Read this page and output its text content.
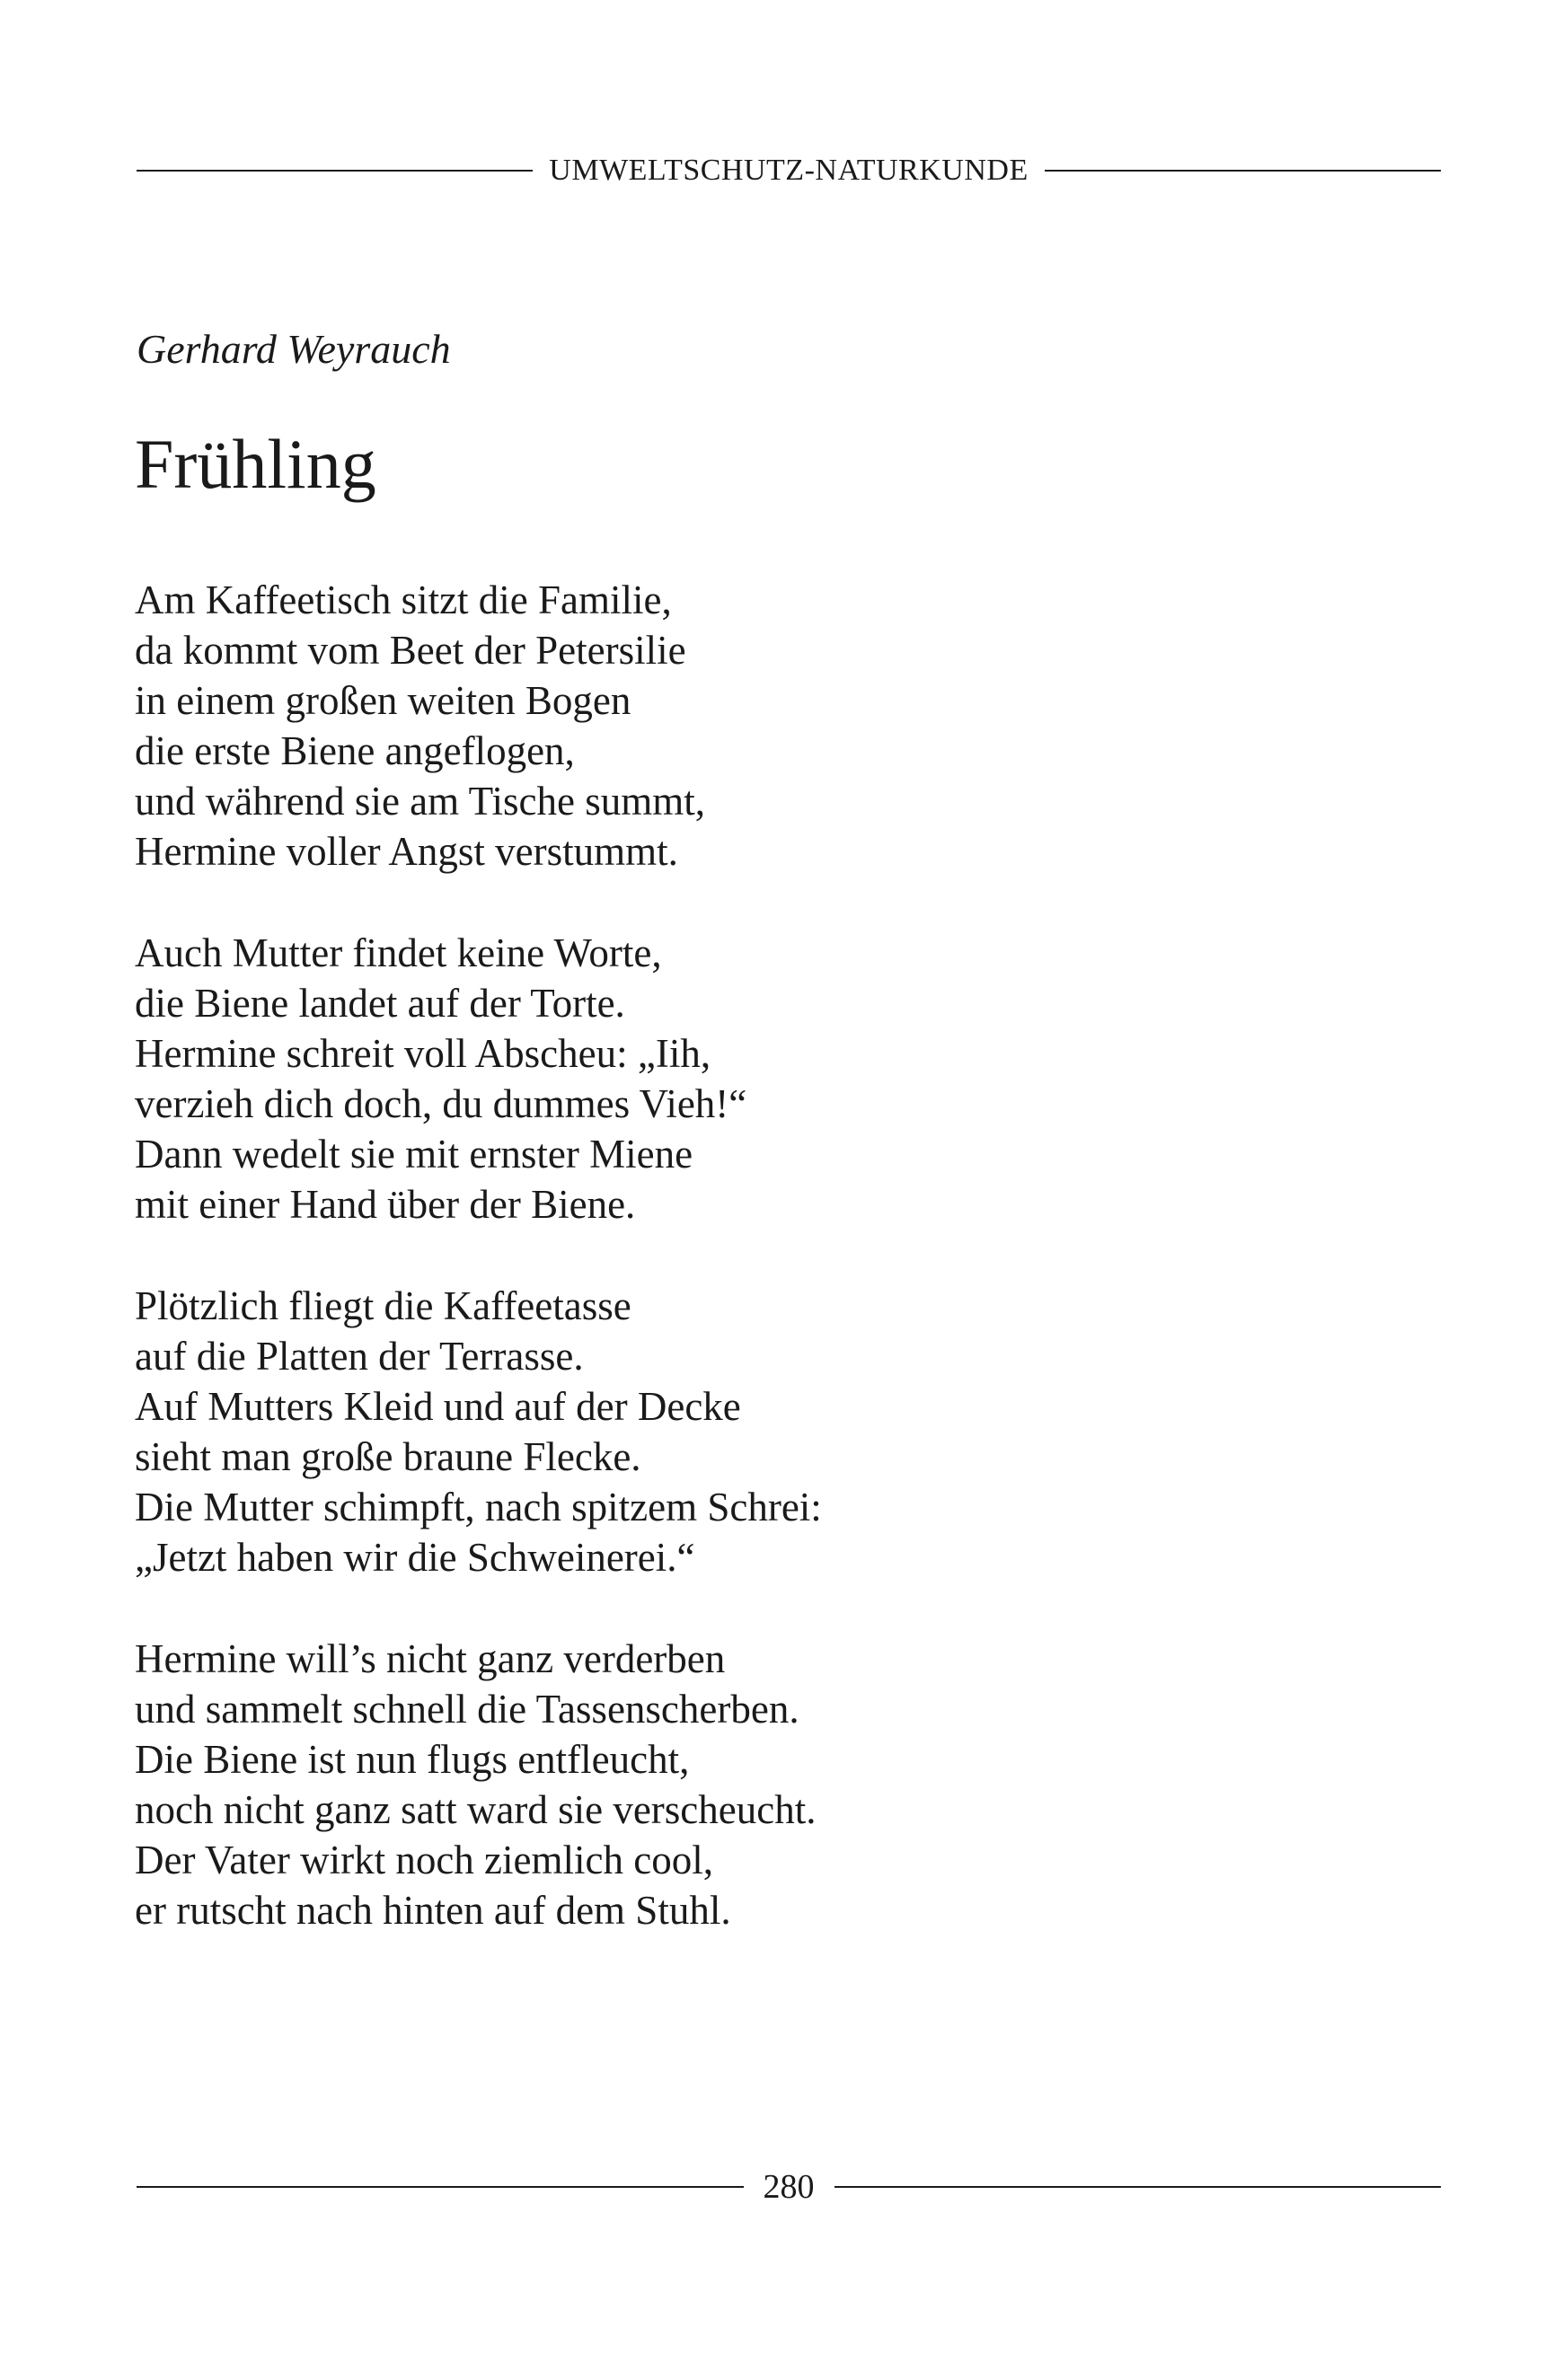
UMWELTSCHUTZ-NATURKUNDE
Gerhard Weyrauch
Frühling
Am Kaffeetisch sitzt die Familie,
da kommt vom Beet der Petersilie
in einem großen weiten Bogen
die erste Biene angeflogen,
und während sie am Tische summt,
Hermine voller Angst verstummt.
Auch Mutter findet keine Worte,
die Biene landet auf der Torte.
Hermine schreit voll Abscheu: „Iih,
verzieh dich doch, du dummes Vieh!“
Dann wedelt sie mit ernster Miene
mit einer Hand über der Biene.
Plötzlich fliegt die Kaffeetasse
auf die Platten der Terrasse.
Auf Mutters Kleid und auf der Decke
sieht man große braune Flecke.
Die Mutter schimpft, nach spitzem Schrei:
„Jetzt haben wir die Schweinerei.“
Hermine will’s nicht ganz verderben
und sammelt schnell die Tassenscherben.
Die Biene ist nun flugs entfleucht,
noch nicht ganz satt ward sie verscheucht.
Der Vater wirkt noch ziemlich cool,
er rutscht nach hinten auf dem Stuhl.
280
